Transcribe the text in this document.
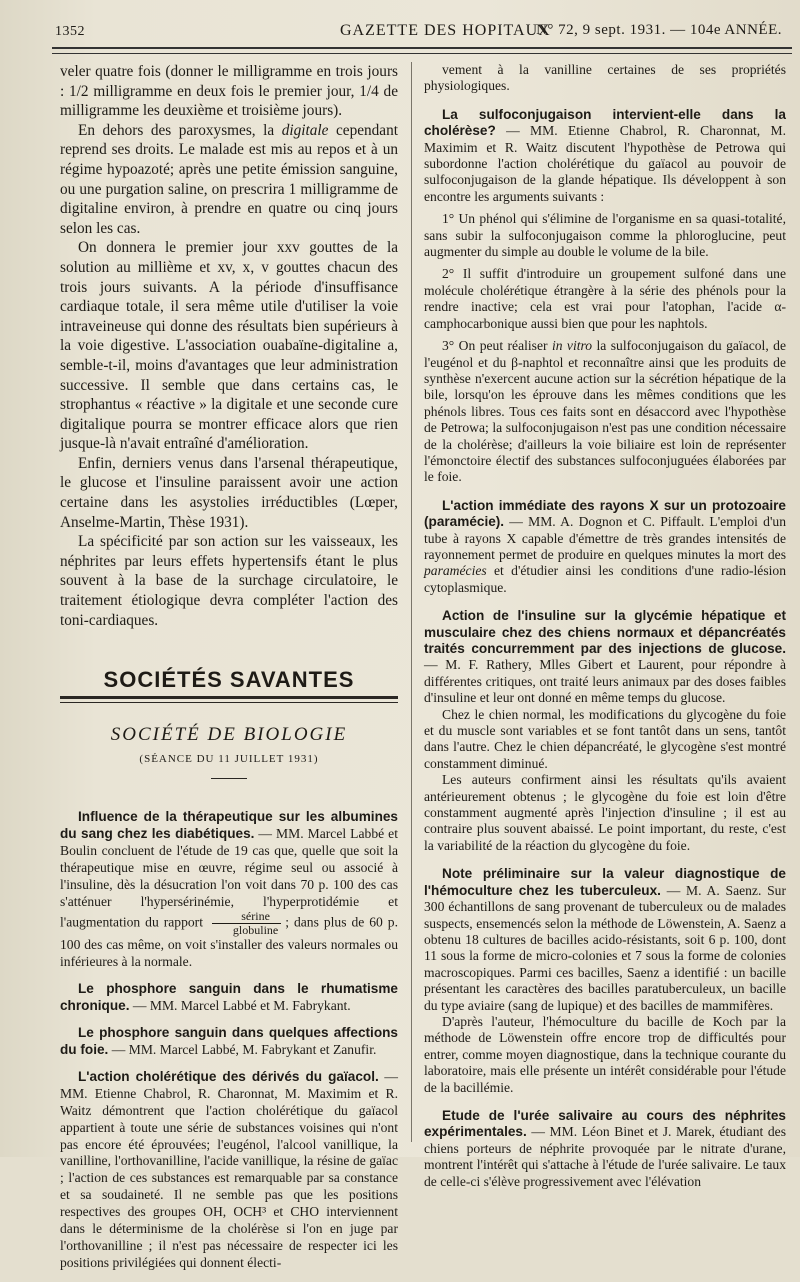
1352	GAZETTE DES HOPITAUX
N° 72, 9 sept. 1931. — 104e ANNÉE.

veler quatre fois (donner le milligramme en trois jours : 1/2 milligramme en deux fois le premier jour, 1/4 de milligramme les deuxième et troisième jours).

En dehors des paroxysmes, la digitale cependant reprend ses droits. Le malade est mis au repos et à un régime hypoazoté; après une petite émission sanguine, ou une purgation saline, on prescrira 1 milligramme de digitaline environ, à prendre en quatre ou cinq jours selon les cas.

On donnera le premier jour xxv gouttes de la solution au millième et xv, x, v gouttes chacun des trois jours suivants. A la période d'insuffisance cardiaque totale, il sera même utile d'utiliser la voie intraveineuse qui donne des résultats bien supérieurs à la voie digestive. L'association ouabaïne-digitaline a, semble-t-il, moins d'avantages que leur administration successive. Il semble que dans certains cas, le strophantus « réactive » la digitale et une seconde cure digitalique pourra se montrer efficace alors que rien jusque-là n'avait entraîné d'amélioration.

Enfin, derniers venus dans l'arsenal thérapeutique, le glucose et l'insuline paraissent avoir une action certaine dans les asystolies irréductibles (Lœper, Anselme-Martin, Thèse 1931).

La spécificité par son action sur les vaisseaux, les néphrites par leurs effets hypertensifs étant le plus souvent à la base de la surchage circulatoire, le traitement étiologique devra compléter l'action des toni-cardiaques.

SOCIÉTÉS SAVANTES
SOCIÉTÉ DE BIOLOGIE
(SÉANCE DU 11 JUILLET 1931)

Influence de la thérapeutique sur les albumines du sang chez les diabétiques. — MM. Marcel Labbé et Boulin concluent de l'étude de 19 cas que, quelle que soit la thérapeutique mise en œuvre, régime seul ou associé à l'insuline, dès la désucration l'on voit dans 70 p. 100 des cas s'atténuer l'hypersérinémie, l'hyperprotidémie et l'augmentation du rapport $\frac{\text{sérine}}{\text{globuline}}$ ; dans plus de 60 p. 100 des cas même, on voit s'installer des valeurs normales ou inférieures à la normale.

Le phosphore sanguin dans le rhumatisme chronique. — MM. Marcel Labbé et M. Fabrykant.

Le phosphore sanguin dans quelques affections du foie. — MM. Marcel Labbé, M. Fabrykant et Zanufir.

L'action cholérétique des dérivés du gaïacol. — MM. Etienne Chabrol, R. Charonnat, M. Maximim et R. Waitz démontrent que l'action cholérétique du gaïacol appartient à toute une série de substances voisines qui n'ont pas encore été éprouvées; l'eugénol, l'alcool vanillique, la vanilline, l'orthovanilline, l'acide vanillique, la résine de gaïac ; l'action de ces substances est remarquable par sa constance et sa soudaineté. Il ne semble pas que les positions respectives des groupes OH, OCH³ et CHO interviennent dans le déterminisme de la cholérèse si l'on en juge par l'orthovanilline ; il n'est pas nécessaire de respecter ici les positions privilégiées qui donnent électi-

vement à la vanilline certaines de ses propriétés physiologiques.

La sulfoconjugaison intervient-elle dans la cholérèse? — MM. Etienne Chabrol, R. Charonnat, M. Maximim et R. Waitz discutent l'hypothèse de Petrowa qui subordonne l'action cholérétique du gaïacol au pouvoir de sulfoconjugaison de la glande hépatique. Ils développent à son encontre les arguments suivants :

1° Un phénol qui s'élimine de l'organisme en sa quasi-totalité, sans subir la sulfoconjugaison comme la phloroglucine, peut augmenter du simple au double le volume de la bile.

2° Il suffit d'introduire un groupement sulfoné dans une molécule cholérétique étrangère à la série des phénols pour la rendre inactive; cela est vrai pour l'atophan, l'acide α-camphocarbonique aussi bien que pour les naphtols.

3° On peut réaliser in vitro la sulfoconjugaison du gaïacol, de l'eugénol et du β-naphtol et reconnaître ainsi que les produits de synthèse n'exercent aucune action sur la sécrétion hépatique de la bile, lorsqu'on les éprouve dans les mêmes conditions que les phénols libres. Tous ces faits sont en désaccord avec l'hypothèse de Petrowa; la sulfoconjugaison n'est pas une condition nécessaire de la cholérèse; d'ailleurs la voie biliaire est loin de représenter l'émonctoire électif des substances sulfoconjuguées élaborées par le foie.

L'action immédiate des rayons X sur un protozoaire (paramécie). — MM. A. Dognon et C. Piffault. L'emploi d'un tube à rayons X capable d'émettre de très grandes intensités de rayonnement permet de produire en quelques minutes la mort des paramécies et d'étudier ainsi les conditions d'une radio-lésion cytoplasmique.

Action de l'insuline sur la glycémie hépatique et musculaire chez des chiens normaux et dépancréatés traités concurremment par des injections de glucose. — M. F. Rathery, Mlles Gibert et Laurent, pour répondre à différentes critiques, ont traité leurs animaux par des doses faibles d'insuline et leur ont donné en même temps du glucose.

Chez le chien normal, les modifications du glycogène du foie et du muscle sont variables et se font tantôt dans un sens, tantôt dans l'autre. Chez le chien dépancréaté, le glycogène s'est montré constamment diminué.

Les auteurs confirment ainsi les résultats qu'ils avaient antérieurement obtenus ; le glycogène du foie est loin d'être constamment augmenté après l'injection d'insuline ; il est au contraire plus souvent abaissé. Le point important, du reste, c'est la variabilité de la réaction du glycogène du foie.

Note préliminaire sur la valeur diagnostique de l'hémoculture chez les tuberculeux. — M. A. Saenz. Sur 300 échantillons de sang provenant de tuberculeux ou de malades suspects, ensemencés selon la méthode de Löwenstein, A. Saenz a obtenu 18 cultures de bacilles acido-résistants, soit 6 p. 100, dont 11 sous la forme de micro-colonies et 7 sous la forme de colonies macroscopiques. Parmi ces bacilles, Saenz a identifié : un bacille présentant les caractères des bacilles paratuberculeux, un bacille du type aviaire (sang de lupique) et des bacilles de mammifères.

D'après l'auteur, l'hémoculture du bacille de Koch par la méthode de Löwenstein offre encore trop de difficultés pour entrer, comme moyen diagnostique, dans la technique courante du laboratoire, mais elle présente un intérêt considérable pour l'étude de la bacillémie.

Etude de l'urée salivaire au cours des néphrites expérimentales. — MM. Léon Binet et J. Marek, étudiant des chiens porteurs de néphrite provoquée par le nitrate d'urane, montrent l'intérêt qui s'attache à l'étude de l'urée salivaire. Le taux de celle-ci s'élève progressivement avec l'élévation
